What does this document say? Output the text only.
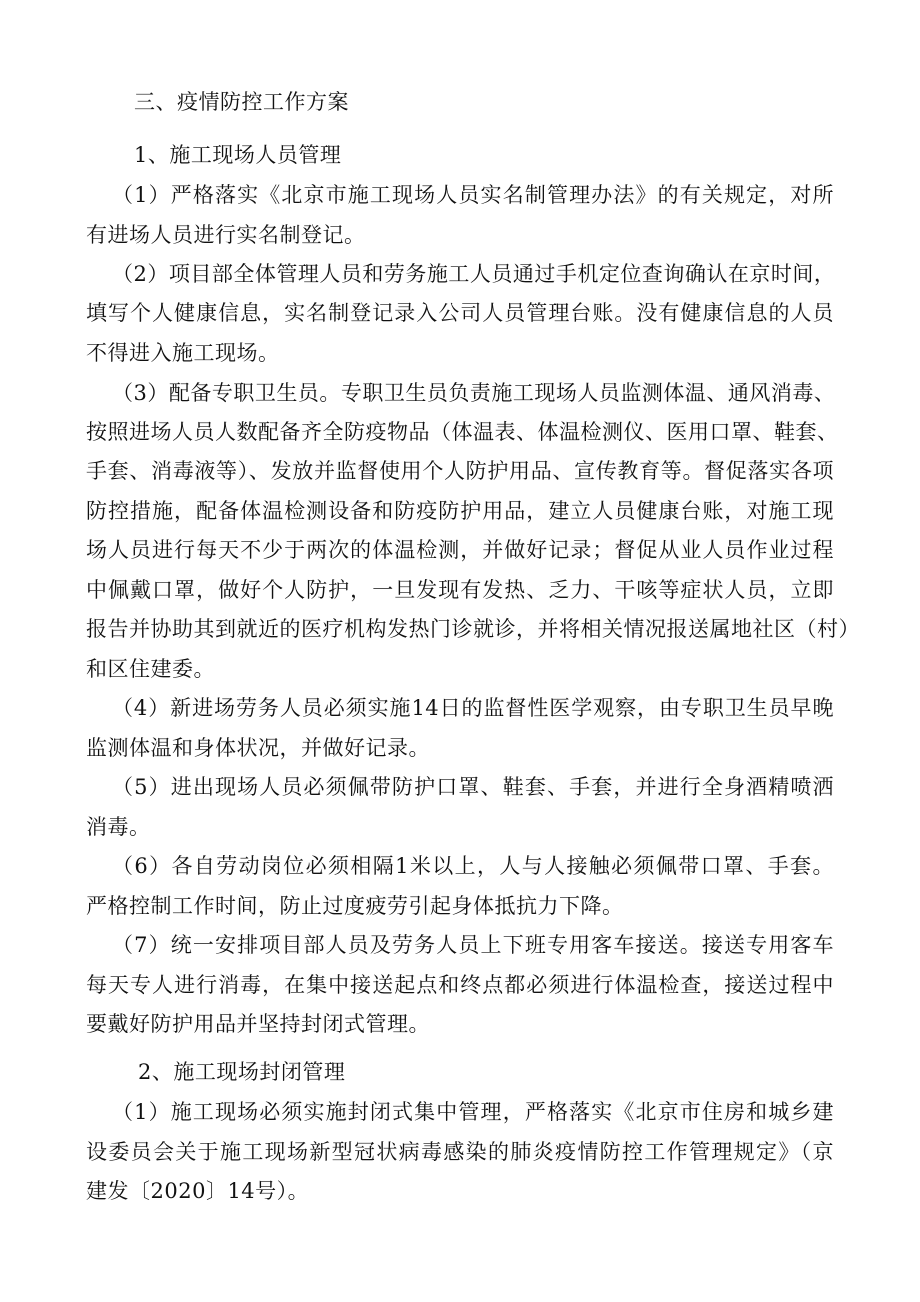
三、疫情防控工作方案
1、施工现场人员管理
（1）严格落实《北京市施工现场人员实名制管理办法》的有关规定，对所
有进场人员进行实名制登记。
（2）项目部全体管理人员和劳务施工人员通过手机定位查询确认在京时间，
填写个人健康信息，实名制登记录入公司人员管理台账。没有健康信息的人员
不得进入施工现场。
（3）配备专职卫生员。专职卫生员负责施工现场人员监测体温、通风消毒、
按照进场人员人数配备齐全防疫物品（体温表、体温检测仪、医用口罩、鞋套、
手套、消毒液等）、发放并监督使用个人防护用品、宣传教育等。督促落实各项
防控措施，配备体温检测设备和防疫防护用品，建立人员健康台账，对施工现
场人员进行每天不少于两次的体温检测，并做好记录；督促从业人员作业过程
中佩戴口罩，做好个人防护，一旦发现有发热、乏力、干咳等症状人员，立即
报告并协助其到就近的医疗机构发热门诊就诊，并将相关情况报送属地社区（村）
和区住建委。
（4）新进场劳务人员必须实施14日的监督性医学观察，由专职卫生员早晚
监测体温和身体状况，并做好记录。
（5）进出现场人员必须佩带防护口罩、鞋套、手套，并进行全身酒精喷洒
消毒。
（6）各自劳动岗位必须相隔1米以上，人与人接触必须佩带口罩、手套。
严格控制工作时间，防止过度疲劳引起身体抵抗力下降。
（7）统一安排项目部人员及劳务人员上下班专用客车接送。接送专用客车
每天专人进行消毒，在集中接送起点和终点都必须进行体温检查，接送过程中
要戴好防护用品并坚持封闭式管理。
2、施工现场封闭管理
（1）施工现场必须实施封闭式集中管理，严格落实《北京市住房和城乡建
设委员会关于施工现场新型冠状病毒感染的肺炎疫情防控工作管理规定》（京
建发〔2020〕14号）。
